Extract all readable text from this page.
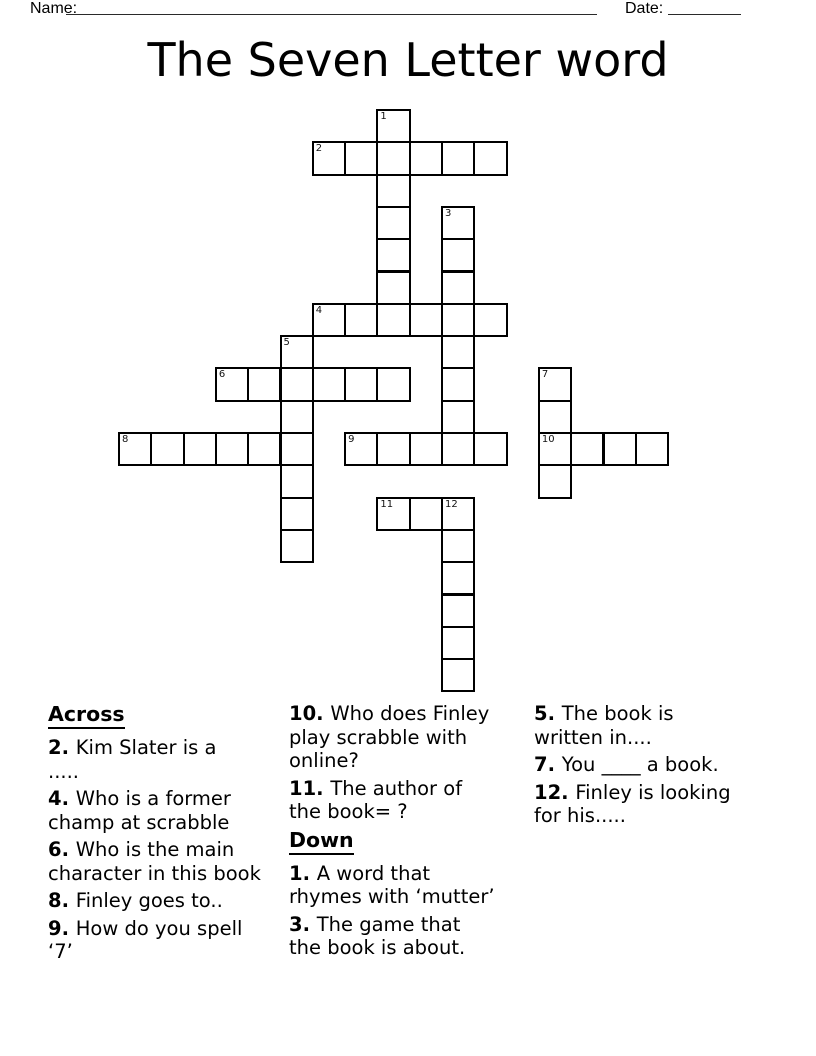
Name:	Date:
The Seven Letter word
1
2
3
4
5
6	7
10
8	9
11	12
Across

2. Kim Slater is a
.....

4. Who is a former
champ at scrabble

6. Who is the main
character in this book

8. Finley goes to..

9. How do you spell
‘7’

10. Who does Finley
play scrabble with
online?

11. The author of
the book= ?

Down

1. A word that
rhymes with ‘mutter’

3. The game that
the book is about.

5. The book is
written in....

7. You ____ a book.

12. Finley is looking
for his.....
